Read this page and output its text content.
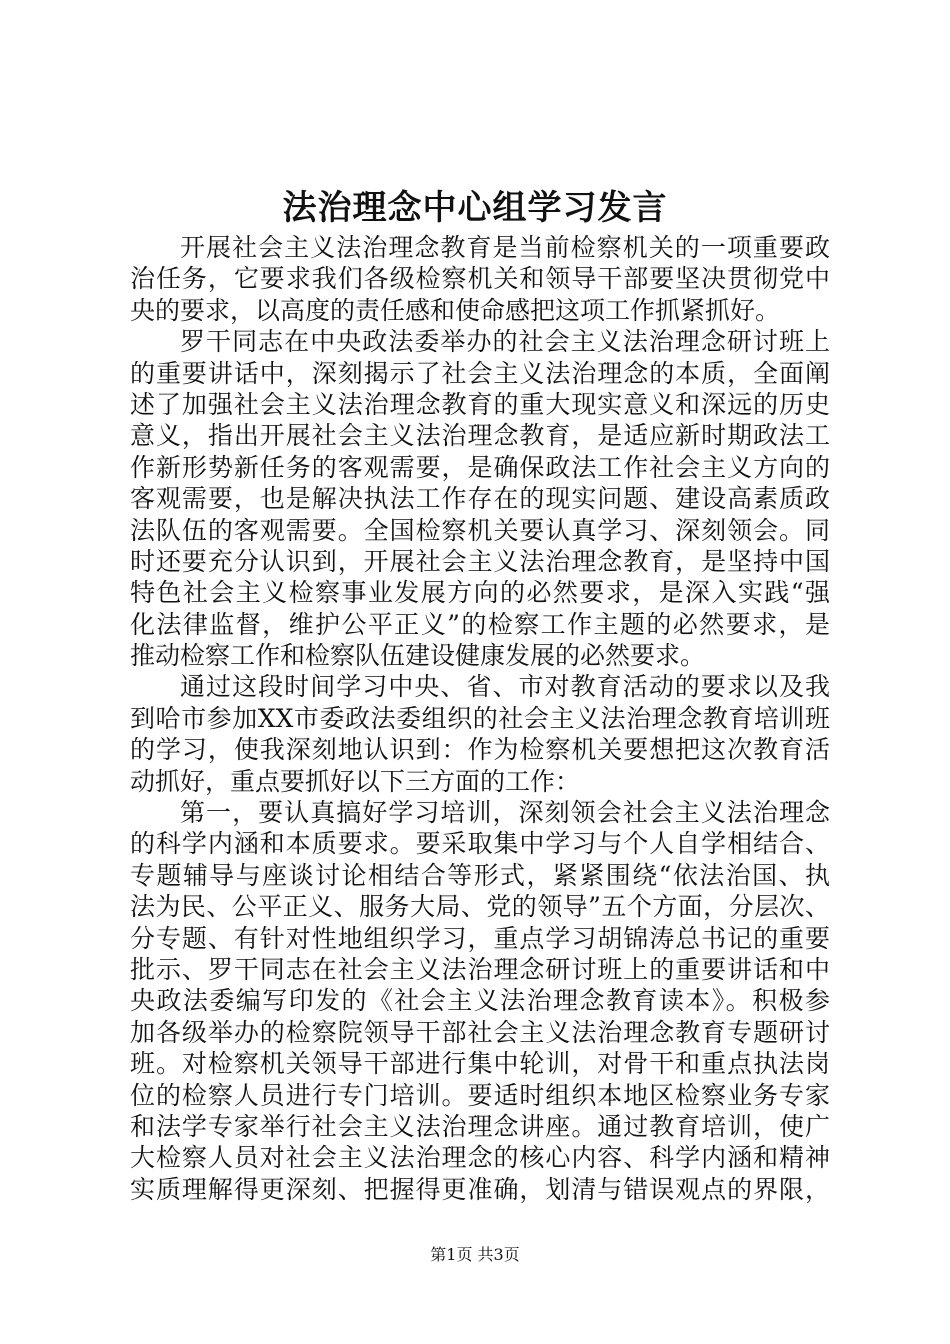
法治理念中心组学习发言
开展社会主义法治理念教育是当前检察机关的一项重要政
治任务，它要求我们各级检察机关和领导干部要坚决贯彻党中
央的要求，以高度的责任感和使命感把这项工作抓紧抓好。
罗干同志在中央政法委举办的社会主义法治理念研讨班上
的重要讲话中，深刻揭示了社会主义法治理念的本质，全面阐
述了加强社会主义法治理念教育的重大现实意义和深远的历史
意义，指出开展社会主义法治理念教育，是适应新时期政法工
作新形势新任务的客观需要，是确保政法工作社会主义方向的
客观需要，也是解决执法工作存在的现实问题、建设高素质政
法队伍的客观需要。全国检察机关要认真学习、深刻领会。同
时还要充分认识到，开展社会主义法治理念教育，是坚持中国
特色社会主义检察事业发展方向的必然要求，是深入实践“强
化法律监督，维护公平正义”的检察工作主题的必然要求，是
推动检察工作和检察队伍建设健康发展的必然要求。
通过这段时间学习中央、省、市对教育活动的要求以及我
到哈市参加XX市委政法委组织的社会主义法治理念教育培训班
的学习，使我深刻地认识到：作为检察机关要想把这次教育活
动抓好，重点要抓好以下三方面的工作：
第一，要认真搞好学习培训，深刻领会社会主义法治理念
的科学内涵和本质要求。要采取集中学习与个人自学相结合、
专题辅导与座谈讨论相结合等形式，紧紧围绕“依法治国、执
法为民、公平正义、服务大局、党的领导”五个方面，分层次、
分专题、有针对性地组织学习，重点学习胡锦涛总书记的重要
批示、罗干同志在社会主义法治理念研讨班上的重要讲话和中
央政法委编写印发的《社会主义法治理念教育读本》。积极参
加各级举办的检察院领导干部社会主义法治理念教育专题研讨
班。对检察机关领导干部进行集中轮训，对骨干和重点执法岗
位的检察人员进行专门培训。要适时组织本地区检察业务专家
和法学专家举行社会主义法治理念讲座。通过教育培训，使广
大检察人员对社会主义法治理念的核心内容、科学内涵和精神
实质理解得更深刻、把握得更准确，划清与错误观点的界限，
第1页 共3页
